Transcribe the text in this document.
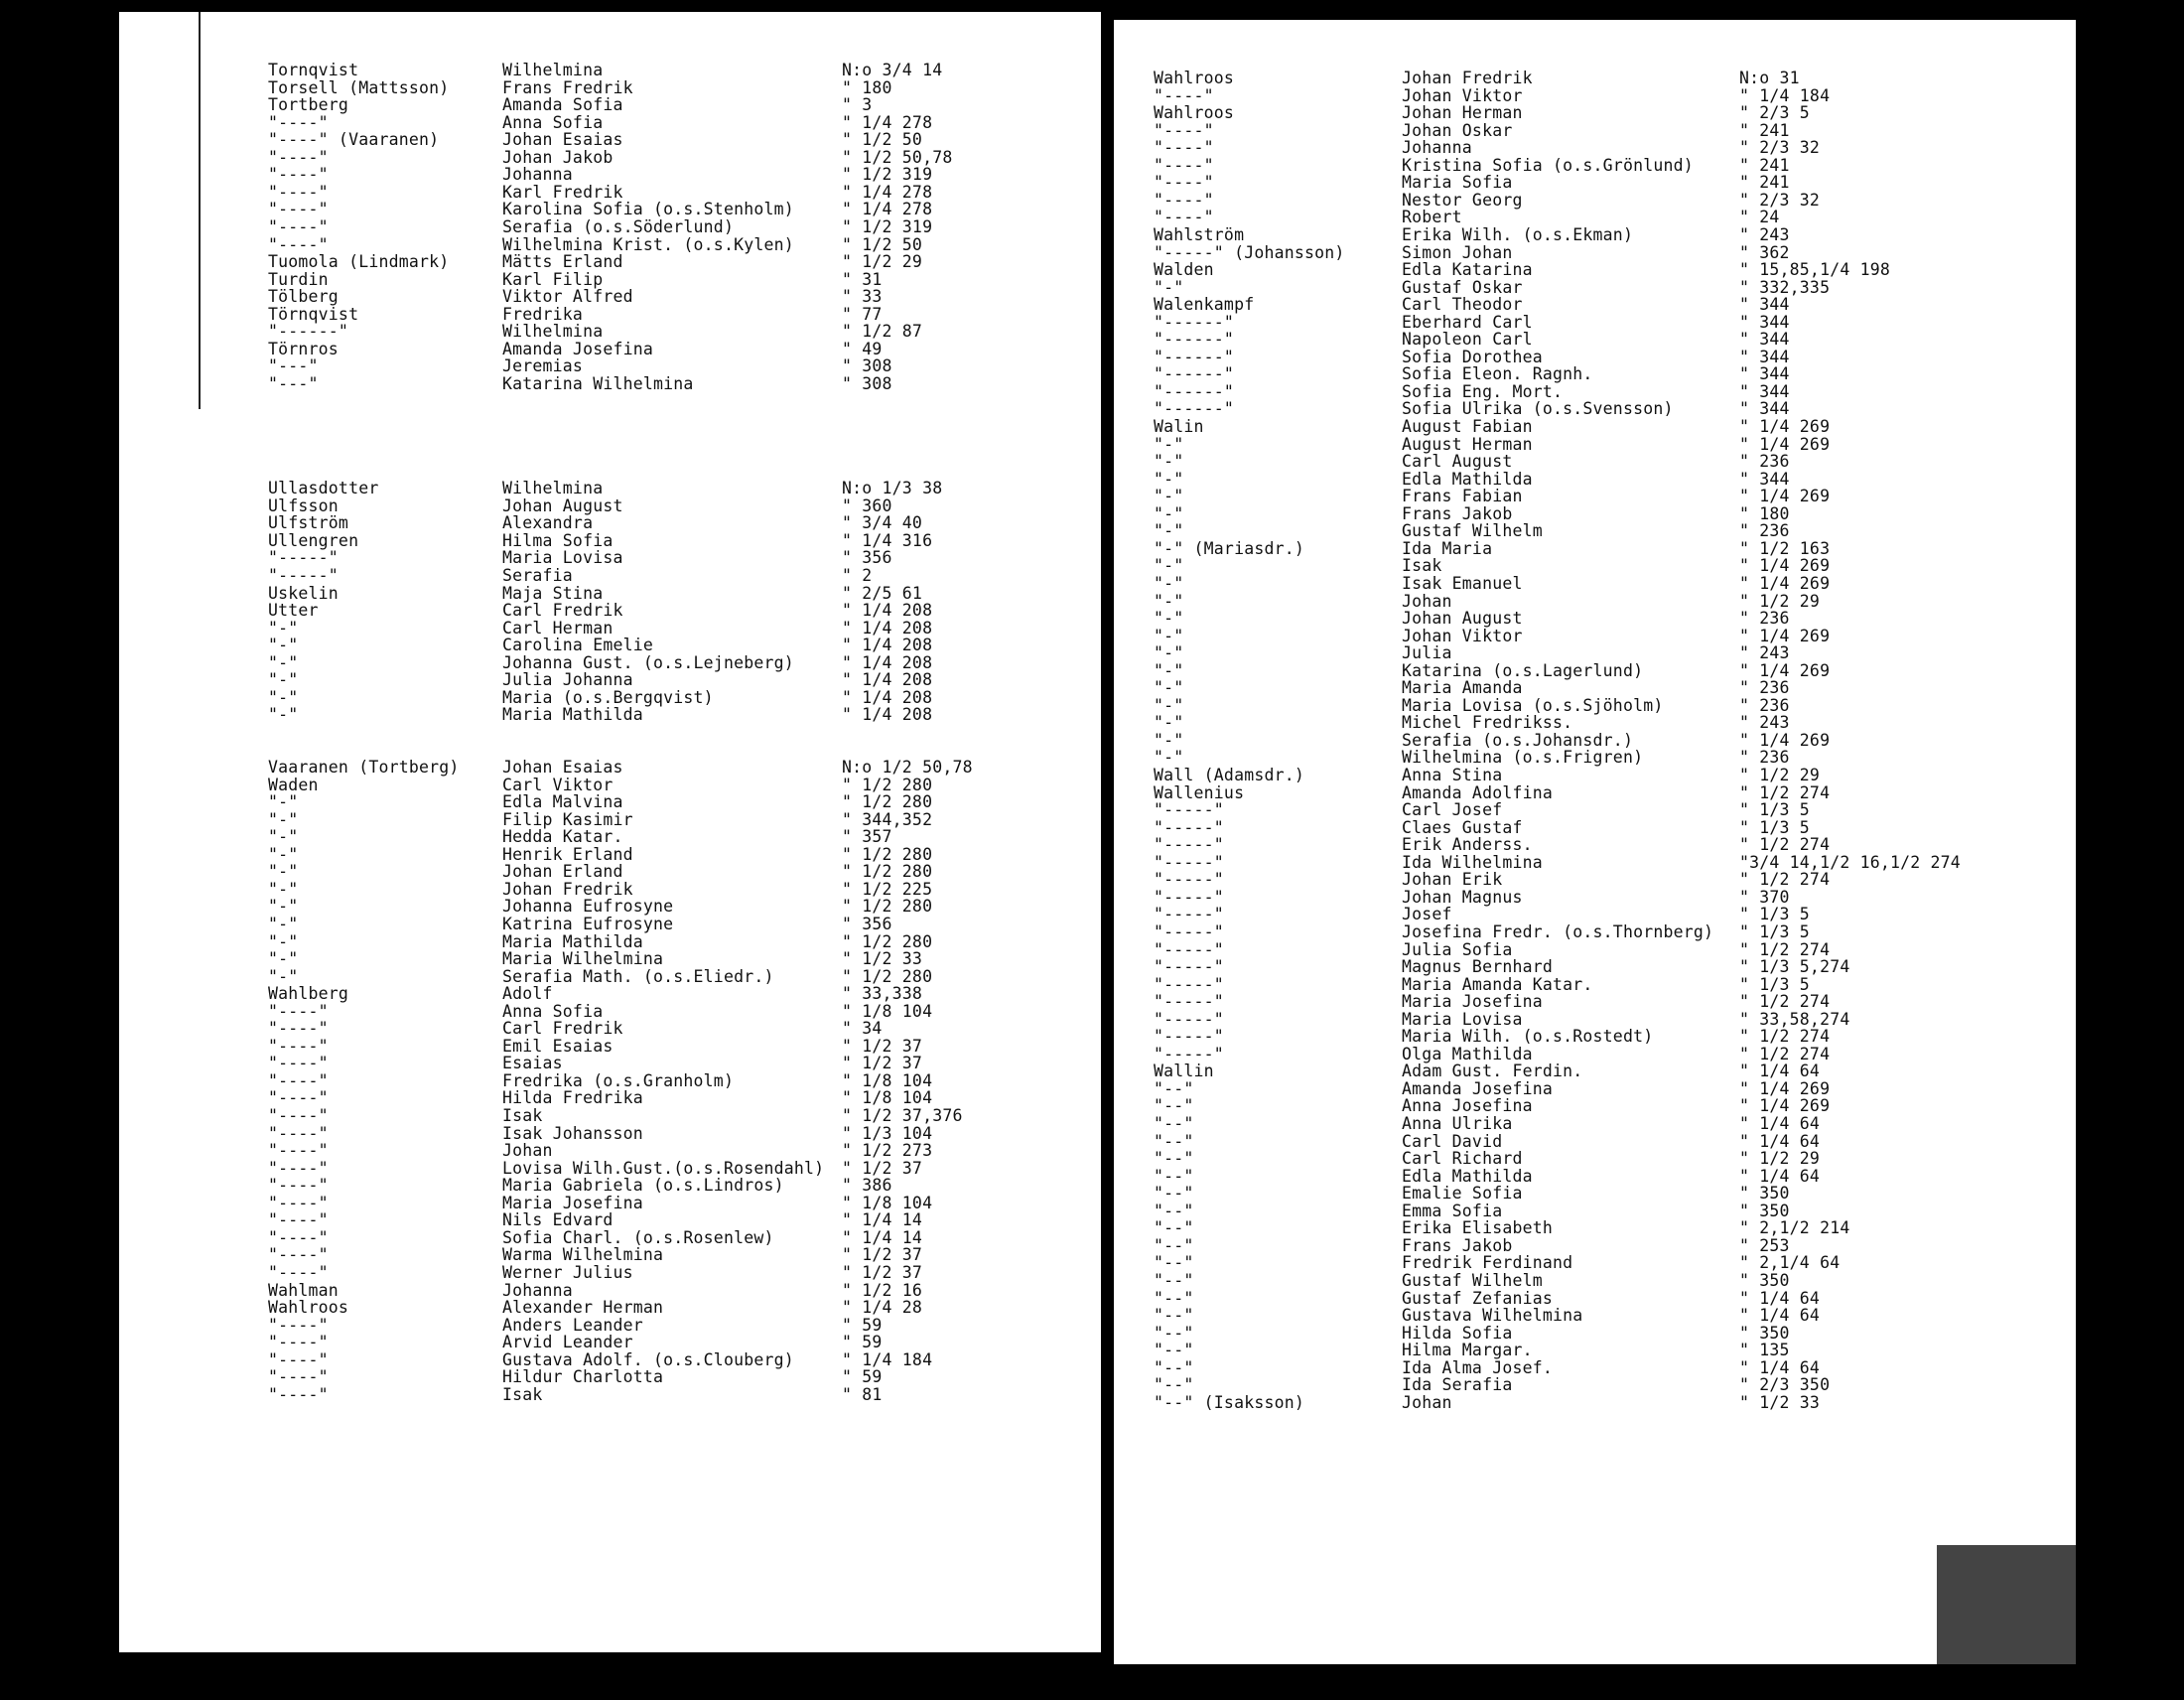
Tornqvist	Wilhelmina	N:o 3/4 14
Torsell (Mattsson)	Frans Fredrik	" 180
Tortberg	Amanda Sofia	" 3
"----"	Anna Sofia	" 1/4 278
"----" (Vaaranen)	Johan Esaias	" 1/2 50
"----"	Johan Jakob	" 1/2 50,78
"----"	Johanna	" 1/2 319
"----"	Karl Fredrik	" 1/4 278
"----"	Karolina Sofia (o.s.Stenholm)	" 1/4 278
"----"	Serafia (o.s.Söderlund)	" 1/2 319
"----"	Wilhelmina Krist. (o.s.Kylen)	" 1/2 50
Tuomola (Lindmark)	Mätts Erland	" 1/2 29
Turdin	Karl Filip	" 31
Tölberg	Viktor Alfred	" 33
Törnqvist	Fredrika	" 77
"------"	Wilhelmina	" 1/2 87
Törnros	Amanda Josefina	" 49
"---"	Jeremias	" 308
"---"	Katarina Wilhelmina	" 308
Ullasdotter	Wilhelmina	N:o 1/3 38
Ulfsson	Johan August	" 360
Ulfström	Alexandra	" 3/4 40
Ullengren	Hilma Sofia	" 1/4 316
"-----"	Maria Lovisa	" 356
"-----"	Serafia	" 2
Uskelin	Maja Stina	" 2/5 61
Utter	Carl Fredrik	" 1/4 208
"-"	Carl Herman	" 1/4 208
"-"	Carolina Emelie	" 1/4 208
"-"	Johanna Gust. (o.s.Lejneberg)	" 1/4 208
"-"	Julia Johanna	" 1/4 208
"-"	Maria (o.s.Bergqvist)	" 1/4 208
"-"	Maria Mathilda	" 1/4 208
Vaaranen (Tortberg)	Johan Esaias	N:o 1/2 50,78
Waden	Carl Viktor	" 1/2 280
"-"	Edla Malvina	" 1/2 280
"-"	Filip Kasimir	" 344,352
"-"	Hedda Katar.	" 357
"-"	Henrik Erland	" 1/2 280
"-"	Johan Erland	" 1/2 280
"-"	Johan Fredrik	" 1/2 225
"-"	Johanna Eufrosyne	" 1/2 280
"-"	Katrina Eufrosyne	" 356
"-"	Maria Mathilda	" 1/2 280
"-"	Maria Wilhelmina	" 1/2 33
"-"	Serafia Math. (o.s.Eliedr.)	" 1/2 280
Wahlberg	Adolf	" 33,338
"----"	Anna Sofia	" 1/8 104
"----"	Carl Fredrik	" 34
"----"	Emil Esaias	" 1/2 37
"----"	Esaias	" 1/2 37
"----"	Fredrika (o.s.Granholm)	" 1/8 104
"----"	Hilda Fredrika	" 1/8 104
"----"	Isak	" 1/2 37,376
"----"	Isak Johansson	" 1/3 104
"----"	Johan	" 1/2 273
"----"	Lovisa Wilh.Gust.(o.s.Rosendahl) " 1/2 37
"----"	Maria Gabriela (o.s.Lindros)	" 386
"----"	Maria Josefina	" 1/8 104
"----"	Nils Edvard	" 1/4 14
"----"	Sofia Charl. (o.s.Rosenlew)	" 1/4 14
"----"	Warma Wilhelmina	" 1/2 37
"----"	Werner Julius	" 1/2 37
Wahlman	Johanna	" 1/2 16
Wahlroos	Alexander Herman	" 1/4 28
"----"	Anders Leander	" 59
"----"	Arvid Leander	" 59
"----"	Gustava Adolf. (o.s.Clouberg)	" 1/4 184
"----"	Hildur Charlotta	" 59
"----"	Isak	" 81
Wahlroos	Johan Fredrik	N:o 31
"----"	Johan Viktor	" 1/4 184
Wahlroos	Johan Herman	" 2/3 5
"----"	Johan Oskar	" 241
"----"	Johanna	" 2/3 32
"----"	Kristina Sofia (o.s.Grönlund)	" 241
"----"	Maria Sofia	" 241
"----"	Nestor Georg	" 2/3 32
"----"	Robert	" 24
Wahlström	Erika Wilh. (o.s.Ekman)	" 243
"-----" (Johansson)	Simon Johan	" 362
Walden	Edla Katarina	" 15,85,1/4 198
"-"	Gustaf Oskar	" 332,335
Walenkampf	Carl Theodor	" 344
"------"	Eberhard Carl	" 344
"------"	Napoleon Carl	" 344
"------"	Sofia Dorothea	" 344
"------"	Sofia Eleon. Ragnh.	" 344
"------"	Sofia Eng. Mort.	" 344
"------"	Sofia Ulrika (o.s.Svensson)	" 344
Walin	August Fabian	" 1/4 269
"-"	August Herman	" 1/4 269
"-"	Carl August	" 236
"-"	Edla Mathilda	" 344
"-"	Frans Fabian	" 1/4 269
"-"	Frans Jakob	" 180
"-"	Gustaf Wilhelm	" 236
"-" (Mariasdr.)	Ida Maria	" 1/2 163
"-"	Isak	" 1/4 269
"-"	Isak Emanuel	" 1/4 269
"-"	Johan	" 1/2 29
"-"	Johan August	" 236
"-"	Johan Viktor	" 1/4 269
"-"	Julia	" 243
"-"	Katarina (o.s.Lagerlund)	" 1/4 269
"-"	Maria Amanda	" 236
"-"	Maria Lovisa (o.s.Sjöholm)	" 236
"-"	Michel Fredrikss.	" 243
"-"	Serafia (o.s.Johansdr.)	" 1/4 269
"-"	Wilhelmina (o.s.Frigren)	" 236
Wall (Adamsdr.)	Anna Stina	" 1/2 29
Wallenius	Amanda Adolfina	" 1/2 274
"-----"	Carl Josef	" 1/3 5
"-----"	Claes Gustaf	" 1/3 5
"-----"	Erik Anderss.	" 1/2 274
"-----"	Ida Wilhelmina	"3/4 14,1/2 16,1/2 274
"-----"	Johan Erik	" 1/2 274
"-----"	Johan Magnus	" 370
"-----"	Josef	" 1/3 5
"-----"	Josefina Fredr. (o.s.Thornberg) " 1/3 5
"-----"	Julia Sofia	" 1/2 274
"-----"	Magnus Bernhard	" 1/3 5,274
"-----"	Maria Amanda Katar.	" 1/3 5
"-----"	Maria Josefina	" 1/2 274
"-----"	Maria Lovisa	" 33,58,274
"-----"	Maria Wilh. (o.s.Rostedt)	" 1/2 274
"-----"	Olga Mathilda	" 1/2 274
Wallin	Adam Gust. Ferdin.	" 1/4 64
"--"	Amanda Josefina	" 1/4 269
"--"	Anna Josefina	" 1/4 269
"--"	Anna Ulrika	" 1/4 64
"--"	Carl David	" 1/4 64
"--"	Carl Richard	" 1/2 29
"--"	Edla Mathilda	" 1/4 64
"--"	Emalie Sofia	" 350
"--"	Emma Sofia	" 350
"--"	Erika Elisabeth	" 2,1/2 214
"--"	Frans Jakob	" 253
"--"	Fredrik Ferdinand	" 2,1/4 64
"--"	Gustaf Wilhelm	" 350
"--"	Gustaf Zefanias	" 1/4 64
"--"	Gustava Wilhelmina	" 1/4 64
"--"	Hilda Sofia	" 350
"--"	Hilma Margar.	" 135
"--"	Ida Alma Josef.	" 1/4 64
"--"	Ida Serafia	" 2/3 350
"--" (Isaksson)	Johan	" 1/2 33
